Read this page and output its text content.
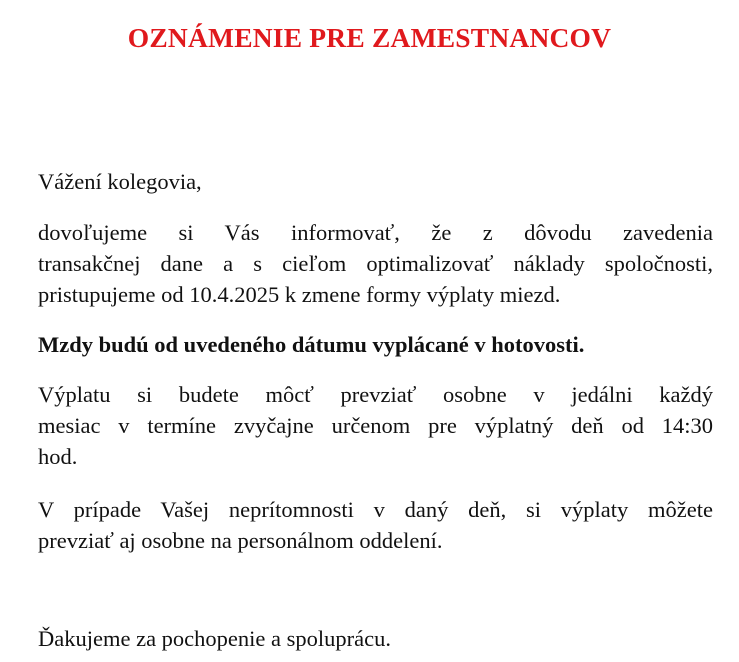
OZNÁMENIE PRE ZAMESTNANCOV

Vážení kolegovia,

dovoľujeme si Vás informovať, že z dôvodu zavedenia
transakčnej dane a s cieľom optimalizovať náklady spoločnosti,
pristupujeme od 10.4.2025 k zmene formy výplaty miezd.

Mzdy budú od uvedeného dátumu vyplácané v hotovosti.

Výplatu si budete môcť prevziať osobne v jedálni každý
mesiac v termíne zvyčajne určenom pre výplatný deň od 14:30
hod.

V prípade Vašej neprítomnosti v daný deň, si výplaty môžete
prevziať aj osobne na personálnom oddelení.

Ďakujeme za pochopenie a spoluprácu.
